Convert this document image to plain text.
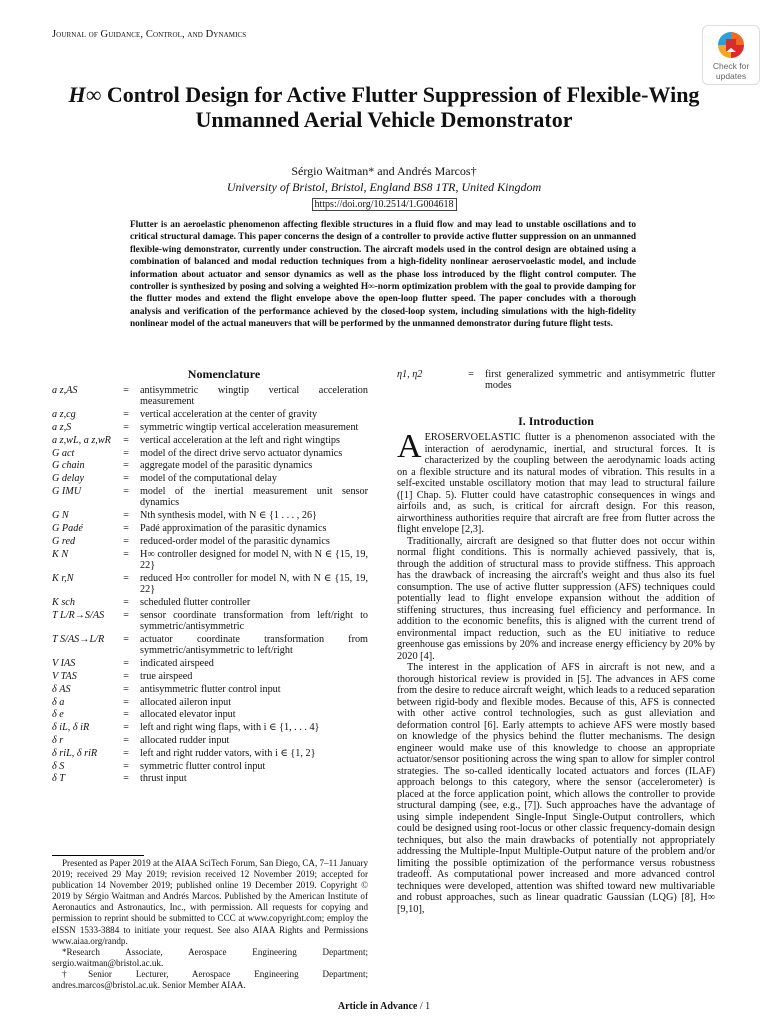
Journal of Guidance, Control, and Dynamics
Check for
updates
H∞ Control Design for Active Flutter Suppression of Flexible-Wing Unmanned Aerial Vehicle Demonstrator
Sérgio Waitman* and Andrés Marcos†
University of Bristol, Bristol, England BS8 1TR, United Kingdom
https://doi.org/10.2514/1.G004618
Flutter is an aeroelastic phenomenon affecting flexible structures in a fluid flow and may lead to unstable oscillations and to critical structural damage. This paper concerns the design of a controller to provide active flutter suppression on an unmanned flexible-wing demonstrator, currently under construction. The aircraft models used in the control design are obtained using a combination of balanced and modal reduction techniques from a high-fidelity nonlinear aeroservoelastic model, and include information about actuator and sensor dynamics as well as the phase loss introduced by the flight control computer. The controller is synthesized by posing and solving a weighted H∞-norm optimization problem with the goal to provide damping for the flutter modes and extend the flight envelope above the open-loop flutter speed. The paper concludes with a thorough analysis and verification of the performance achieved by the closed-loop system, including simulations with the high-fidelity nonlinear model of the actual maneuvers that will be performed by the unmanned demonstrator during future flight tests.
Nomenclature
a z,AS	=	antisymmetric wingtip vertical acceleration measurement
a z,cg	=	vertical acceleration at the center of gravity
a z,S	=	symmetric wingtip vertical acceleration measurement
a z,wL, a z,wR	=	vertical acceleration at the left and right wingtips
G act	=	model of the direct drive servo actuator dynamics
G chain	=	aggregate model of the parasitic dynamics
G delay	=	model of the computational delay
G IMU	=	model of the inertial measurement unit sensor dynamics
G N	=	Nth synthesis model, with N ∈ {1 . . . , 26}
G Padé	=	Padé approximation of the parasitic dynamics
G red	=	reduced-order model of the parasitic dynamics
K N	=	H∞ controller designed for model N, with N ∈ {15, 19, 22}
K r,N	=	reduced H∞ controller for model N, with N ∈ {15, 19, 22}
K sch	=	scheduled flutter controller
T L/R→S/AS	=	sensor coordinate transformation from left/right to symmetric/antisymmetric
T S/AS→L/R	=	actuator coordinate transformation from symmetric/antisymmetric to left/right
V IAS	=	indicated airspeed
V TAS	=	true airspeed
δ AS	=	antisymmetric flutter control input
δ a	=	allocated aileron input
δ e	=	allocated elevator input
δ iL, δ iR	=	left and right wing flaps, with i ∈ {1, . . . 4}
δ r	=	allocated rudder input
δ riL, δ riR	=	left and right rudder vators, with i ∈ {1, 2}
δ S	=	symmetric flutter control input
δ T	=	thrust input
η1, η2	=	first generalized symmetric and antisymmetric flutter modes

Presented as Paper 2019 at the AIAA SciTech Forum, San Diego, CA, 7–11 January 2019; received 29 May 2019; revision received 12 November 2019; accepted for publication 14 November 2019; published online 19 December 2019. Copyright © 2019 by Sérgio Waitman and Andrés Marcos. Published by the American Institute of Aeronautics and Astronautics, Inc., with permission. All requests for copying and permission to reprint should be submitted to CCC at www.copyright.com; employ the eISSN 1533-3884 to initiate your request. See also AIAA Rights and Permissions www.aiaa.org/randp.

*Research Associate, Aerospace Engineering Department; sergio.waitman@bristol.ac.uk.

†Senior Lecturer, Aerospace Engineering Department; andres.marcos@bristol.ac.uk. Senior Member AIAA.

I. Introduction

AEROSERVOELASTIC flutter is a phenomenon associated with the interaction of aerodynamic, inertial, and structural forces. It is characterized by the coupling between the aerodynamic loads acting on a flexible structure and its natural modes of vibration. This results in a self-excited unstable oscillatory motion that may lead to structural failure ([1] Chap. 5). Flutter could have catastrophic consequences in wings and airfoils and, as such, is critical for aircraft design. For this reason, airworthiness authorities require that aircraft are free from flutter across the flight envelope [2,3].

Traditionally, aircraft are designed so that flutter does not occur within normal flight conditions. This is normally achieved passively, that is, through the addition of structural mass to provide stiffness. This approach has the drawback of increasing the aircraft's weight and thus also its fuel consumption. The use of active flutter suppression (AFS) techniques could potentially lead to flight envelope expansion without the addition of stiffening structures, thus increasing fuel efficiency and performance. In addition to the economic benefits, this is aligned with the current trend of environmental impact reduction, such as the EU initiative to reduce greenhouse gas emissions by 20% and increase energy efficiency by 20% by 2020 [4].

The interest in the application of AFS in aircraft is not new, and a thorough historical review is provided in [5]. The advances in AFS come from the desire to reduce aircraft weight, which leads to a reduced separation between rigid-body and flexible modes. Because of this, AFS is connected with other active control technologies, such as gust alleviation and deformation control [6]. Early attempts to achieve AFS were mostly based on knowledge of the physics behind the flutter mechanisms. The design engineer would make use of this knowledge to choose an appropriate actuator/sensor positioning across the wing span to allow for simpler control strategies. The so-called identically located actuators and forces (ILAF) approach belongs to this category, where the sensor (accelerometer) is placed at the force application point, which allows the controller to provide structural damping (see, e.g., [7]). Such approaches have the advantage of using simple independent Single-Input Single-Output controllers, which could be designed using root-locus or other classic frequency-domain design techniques, but also the main drawbacks of potentially not appropriately addressing the Multiple-Input Multiple-Output nature of the problem and/or limiting the possible optimization of the performance versus robustness tradeoff. As computational power increased and more advanced control techniques were developed, attention was shifted toward new multivariable and robust approaches, such as linear quadratic Gaussian (LQG) [8], H∞ [9,10],

Article in Advance / 1
